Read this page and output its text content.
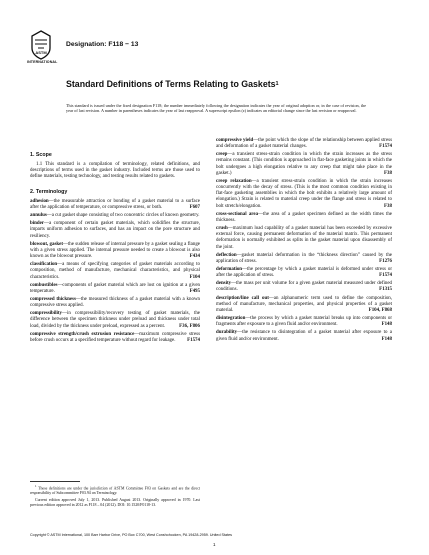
ASTM
INTERNATIONAL
Designation: F118 − 13
Standard Definitions of Terms Relating to Gaskets$^1$
This standard is issued under the fixed designation F118; the number immediately following the designation indicates the year of original adoption or, in the case of revision, the year of last revision. A number in parentheses indicates the year of last reapproval. A superscript epsilon (ε) indicates an editorial change since the last revision or reapproval.
1. Scope

1.1 This standard is a compilation of terminology, related definitions, and descriptions of terms used in the gasket industry. Included terms are those used to define materials, testing technology, and testing results related to gaskets.

2. Terminology

adhesion—the measurable attraction or bonding of a gasket material to a surface after the application of temperature, or compressive stress, or both.	F607

annulus—a cut gasket shape consisting of two concentric circles of known geometry.

binder—a component of certain gasket materials, which solidifies the structure, imparts uniform adhesion to surfaces, and has an impact on the pore structure and resiliency.

blowout, gasket—the sudden release of internal pressure by a gasket sealing a flange with a given stress applied. The internal pressure needed to create a blowout is also known as the blowout pressure.	F434

classification—a means of specifying categories of gasket materials according to composition, method of manufacture, mechanical characteristics, and physical characteristics.	F104

combustibles—components of gasket material which are lost on ignition at a given temperature.	F495

compressed thickness—the measured thickness of a gasket material with a known compressive stress applied.

compressibility—in compressibility/recovery testing of gasket materials, the difference between the specimen thickness under preload and thickness under total load, divided by the thickness under preload, expressed as a percent.	F36, F806

compressive strength/crush extrusion resistance—maximum compressive stress before crush occurs at a specified temperature without regard for leakage.	F1574

compressive yield—the point which the slope of the relationship between applied stress and deformation of a gasket material changes.	F1574

creep—a transient stress-strain condition in which the strain increases as the stress remains constant. (This condition is approached in flat-face gasketing joints in which the bolt undergoes a high elongation relative to any creep that might take place in the gasket.)	F38

creep relaxation—a transient stress-strain condition in which the strain increases concurrently with the decay of stress. (This is the most common condition existing in flat-face gasketing assemblies in which the bolt exhibits a relatively large amount of elongation.) Strain is related to material creep under the flange and stress is related to bolt stretch/elongation.	F38

cross-sectional area—the area of a gasket specimen defined as the width times the thickness.

crush—maximum load capability of a gasket material has been exceeded by excessive external force, causing permanent deformation of the material matrix. This permanent deformation is normally exhibited as splits in the gasket material upon disassembly of the joint.

deflection—gasket material deformation in the “thickness direction” caused by the application of stress.	F1276

deformation—the percentage by which a gasket material is deformed under stress or after the application of stress.	F1574

density—the mass per unit volume for a given gasket material measured under defined conditions.	F1315

description/line call out—an alphanumeric term used to define the composition, method of manufacture, mechanical properties, and physical properties of a gasket material.	F104, F868

disintegration—the process by which a gasket material breaks up into components or fragments after exposure to a given fluid and/or environment.	F148

durability—the resistance to disintegration of a gasket material after exposure to a given fluid and/or environment.	F148

$^1$ These definitions are under the jurisdiction of ASTM Committee F03 on Gaskets and are the direct responsibility of Subcommittee F03.94 on Terminology.

Current edition approved July 1, 2013. Published August 2013. Originally approved in 1970. Last previous edition approved in 2012 as F118 – 04 (2012). DOI: 10.1520/F0118-13.

Copyright © ASTM International, 100 Barr Harbor Drive, PO Box C700, West Conshohocken, PA 19428-2959. United States
1
